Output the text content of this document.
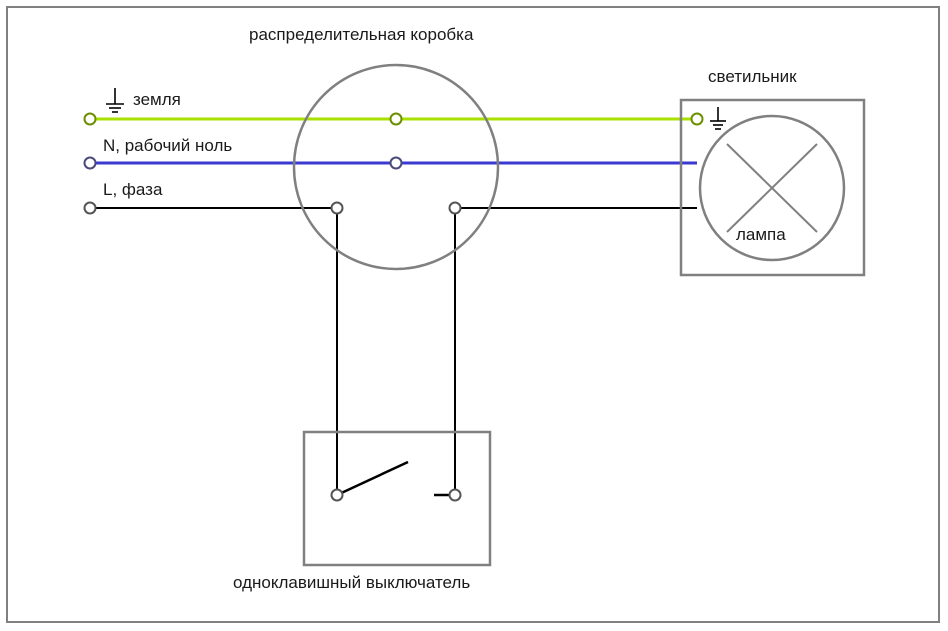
распределительная коробка
светильник
лампа
земля
N, рабочий ноль
L, фаза
одноклавишный выключатель
